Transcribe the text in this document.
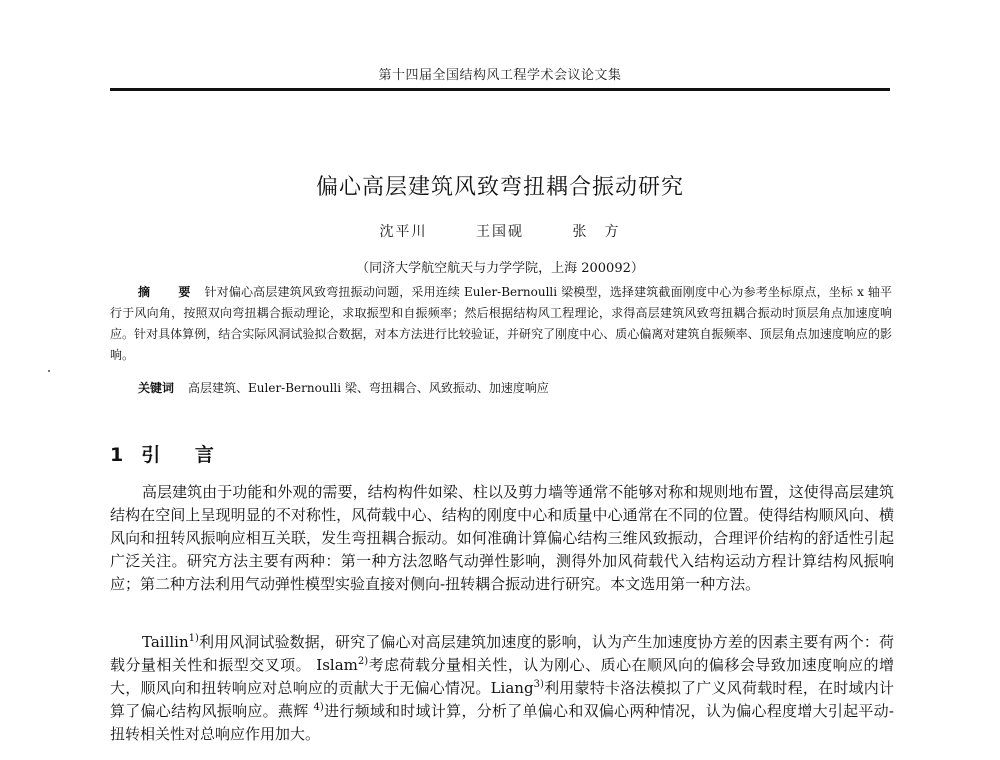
第十四届全国结构风工程学术会议论文集
偏心高层建筑风致弯扭耦合振动研究
沈平川	王国砚	张　方
（同济大学航空航天与力学学院，上海 200092）
摘　要 针对偏心高层建筑风致弯扭振动问题，采用连续 Euler-Bernoulli 梁模型，选择建筑截面刚度中心为参考坐标原点，坐标 x 轴平行于风向角，按照双向弯扭耦合振动理论，求取振型和自振频率；然后根据结构风工程理论，求得高层建筑风致弯扭耦合振动时顶层角点加速度响应。针对具体算例，结合实际风洞试验拟合数据，对本方法进行比较验证，并研究了刚度中心、质心偏离对建筑自振频率、顶层角点加速度响应的影响。
关键词 高层建筑、Euler-Bernoulli 梁、弯扭耦合、风致振动、加速度响应
1 引 言
高层建筑由于功能和外观的需要，结构构件如梁、柱以及剪力墙等通常不能够对称和规则地布置，这使得高层建筑结构在空间上呈现明显的不对称性，风荷载中心、结构的刚度中心和质量中心通常在不同的位置。使得结构顺风向、横风向和扭转风振响应相互关联，发生弯扭耦合振动。如何准确计算偏心结构三维风致振动，合理评价结构的舒适性引起广泛关注。研究方法主要有两种：第一种方法忽略气动弹性影响，测得外加风荷载代入结构运动方程计算结构风振响应；第二种方法利用气动弹性模型实验直接对侧向-扭转耦合振动进行研究。本文选用第一种方法。
Taillin$^{1)}$利用风洞试验数据，研究了偏心对高层建筑加速度的影响，认为产生加速度协方差的因素主要有两个：荷载分量相关性和振型交叉项。 Islam$^{2)}$考虑荷载分量相关性，认为刚心、质心在顺风向的偏移会导致加速度响应的增大，顺风向和扭转响应对总响应的贡献大于无偏心情况。Liang$^{3)}$利用蒙特卡洛法模拟了广义风荷载时程，在时域内计算了偏心结构风振响应。燕辉 $^{4)}$进行频域和时域计算，分析了单偏心和双偏心两种情况，认为偏心程度增大引起平动-扭转相关性对总响应作用加大。
